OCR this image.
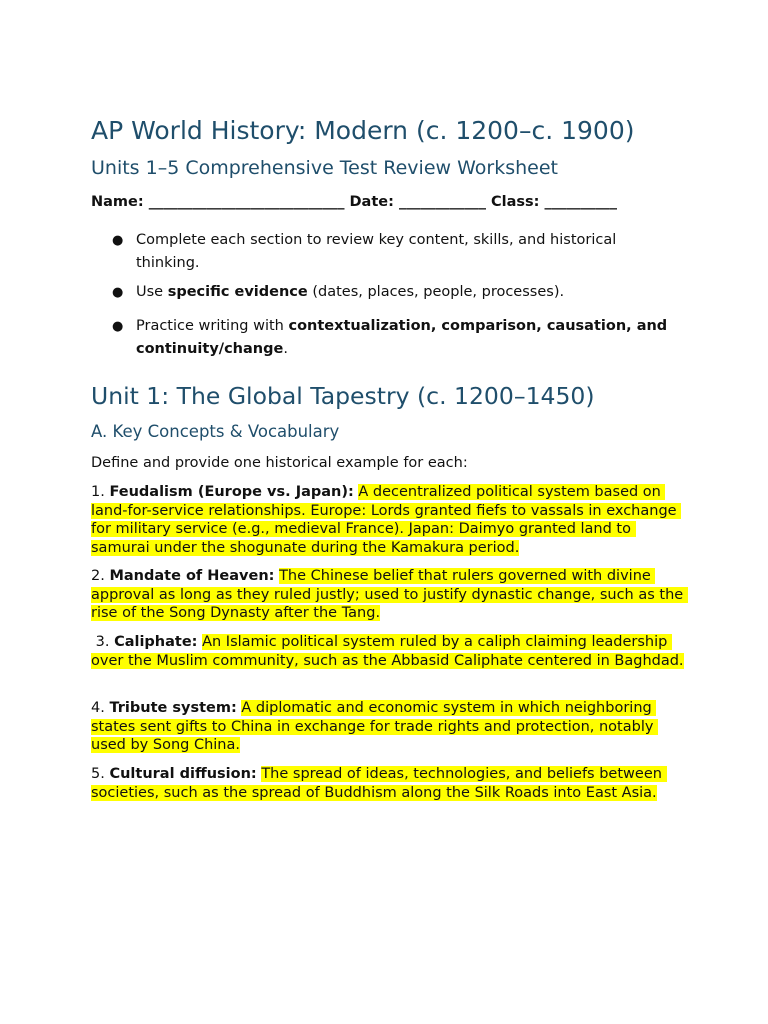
AP World History: Modern (c. 1200–c. 1900)
Units 1–5 Comprehensive Test Review Worksheet

Name: ___________________________ Date: ____________ Class: __________

● Complete each section to review key content, skills, and historical thinking.
● Use specific evidence (dates, places, people, processes).
● Practice writing with contextualization, comparison, causation, and continuity/change.
Unit 1: The Global Tapestry (c. 1200–1450)
A. Key Concepts & Vocabulary

Define and provide one historical example for each:

1. Feudalism (Europe vs. Japan): A decentralized political system based on land-for-service relationships. Europe: Lords granted fiefs to vassals in exchange for military service (e.g., medieval France). Japan: Daimyo granted land to samurai under the shogunate during the Kamakura period.
2. Mandate of Heaven: The Chinese belief that rulers governed with divine approval as long as they ruled justly; used to justify dynastic change, such as the rise of the Song Dynasty after the Tang.
3. Caliphate: An Islamic political system ruled by a caliph claiming leadership over the Muslim community, such as the Abbasid Caliphate centered in Baghdad.
4. Tribute system: A diplomatic and economic system in which neighboring states sent gifts to China in exchange for trade rights and protection, notably used by Song China.
5. Cultural diffusion: The spread of ideas, technologies, and beliefs between societies, such as the spread of Buddhism along the Silk Roads into East Asia.
